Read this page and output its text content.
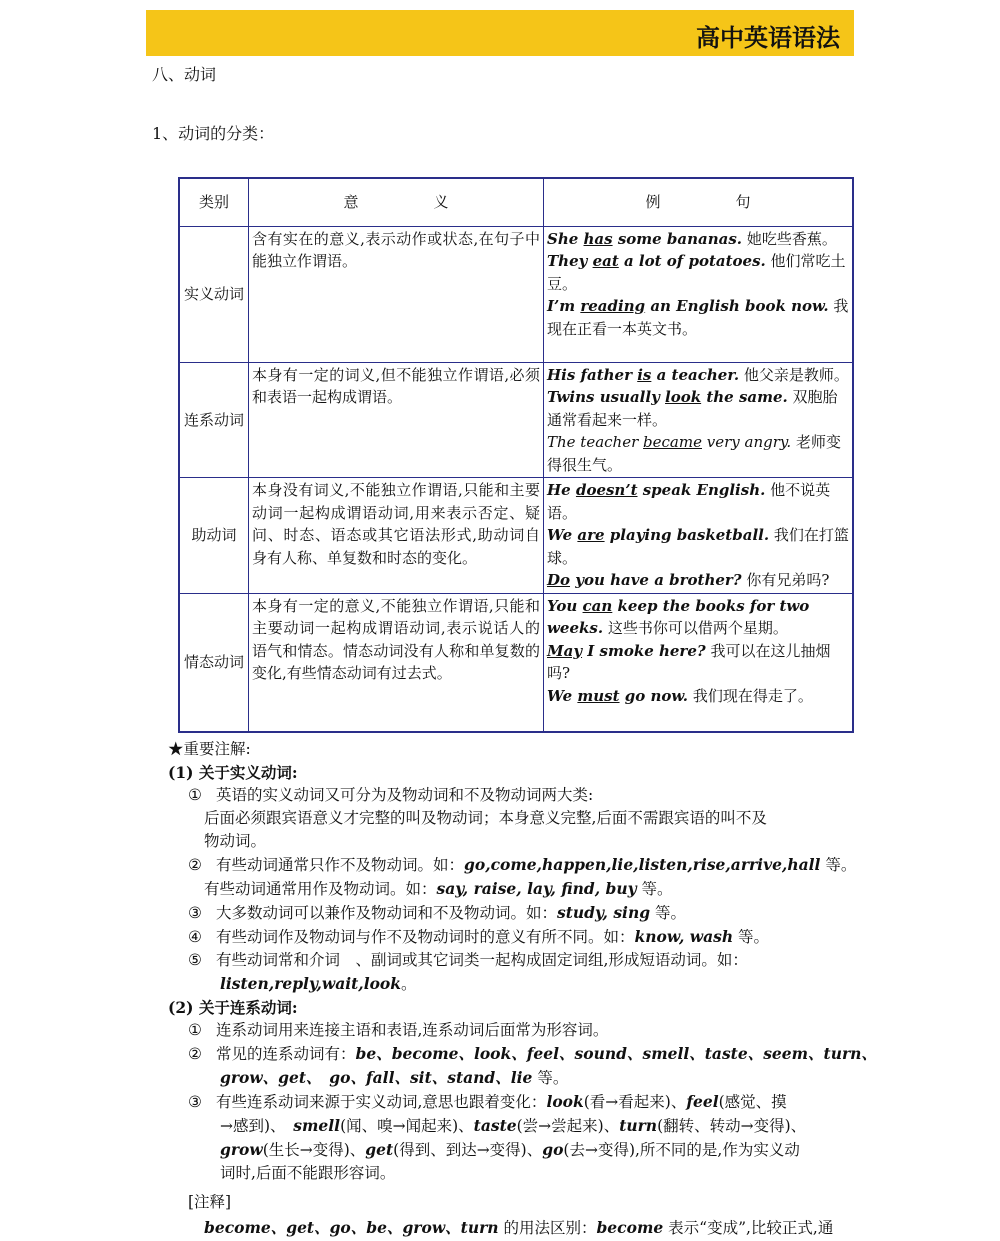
高中英语语法
八、动词
1、动词的分类：
类别	意　　　　　义	例　　　　　句
实义动词	含有实在的意义,表示动作或状态,在句子中能独立作谓语。	She has some bananas. 她吃些香蕉。
They eat a lot of potatoes. 他们常吃土豆。
I’m reading an English book now. 我现在正看一本英文书。

连系动词	本身有一定的词义,但不能独立作谓语,必须和表语一起构成谓语。	His father is a teacher. 他父亲是教师。
Twins usually look the same. 双胞胎通常看起来一样。
The teacher became very angry. 老师变得很生气。

助动词	本身没有词义,不能独立作谓语,只能和主要动词一起构成谓语动词,用来表示否定、疑问、时态、语态或其它语法形式,助动词自身有人称、单复数和时态的变化。	He doesn’t speak English. 他不说英语。
We are playing basketball. 我们在打篮球。
Do you have a brother? 你有兄弟吗?

情态动词	本身有一定的意义,不能独立作谓语,只能和主要动词一起构成谓语动词,表示说话人的语气和情态。情态动词没有人称和单复数的变化,有些情态动词有过去式。	You can keep the books for two weeks. 这些书你可以借两个星期。
May I smoke here? 我可以在这儿抽烟吗?
We must go now. 我们现在得走了。
★重要注解:
(1) 关于实义动词:
① 英语的实义动词又可分为及物动词和不及物动词两大类:
后面必须跟宾语意义才完整的叫及物动词；本身意义完整,后面不需跟宾语的叫不及
物动词。
② 有些动词通常只作不及物动词。如：go,come,happen,lie,listen,rise,arrive,hall 等。
有些动词通常用作及物动词。如：say, raise, lay, find, buy 等。
③ 大多数动词可以兼作及物动词和不及物动词。如：study, sing 等。
④ 有些动词作及物动词与作不及物动词时的意义有所不同。如：know, wash 等。
⑤ 有些动词常和介词　、副词或其它词类一起构成固定词组,形成短语动词。如：
listen,reply,wait,look。
(2) 关于连系动词:
① 连系动词用来连接主语和表语,连系动词后面常为形容词。
② 常见的连系动词有：be、become、look、feel、sound、smell、taste、seem、turn、
grow、get、　go、fall、sit、stand、lie 等。
③ 有些连系动词来源于实义动词,意思也跟着变化：look(看→看起来)、feel(感觉、摸
→感到)、　smell(闻、嗅→闻起来)、taste(尝→尝起来)、turn(翻转、转动→变得)、
grow(生长→变得)、get(得到、到达→变得)、go(去→变得),所不同的是,作为实义动
词时,后面不能跟形容词。
[注释]
become、get、go、be、grow、turn 的用法区别：become 表示“变成”,比较正式,通
